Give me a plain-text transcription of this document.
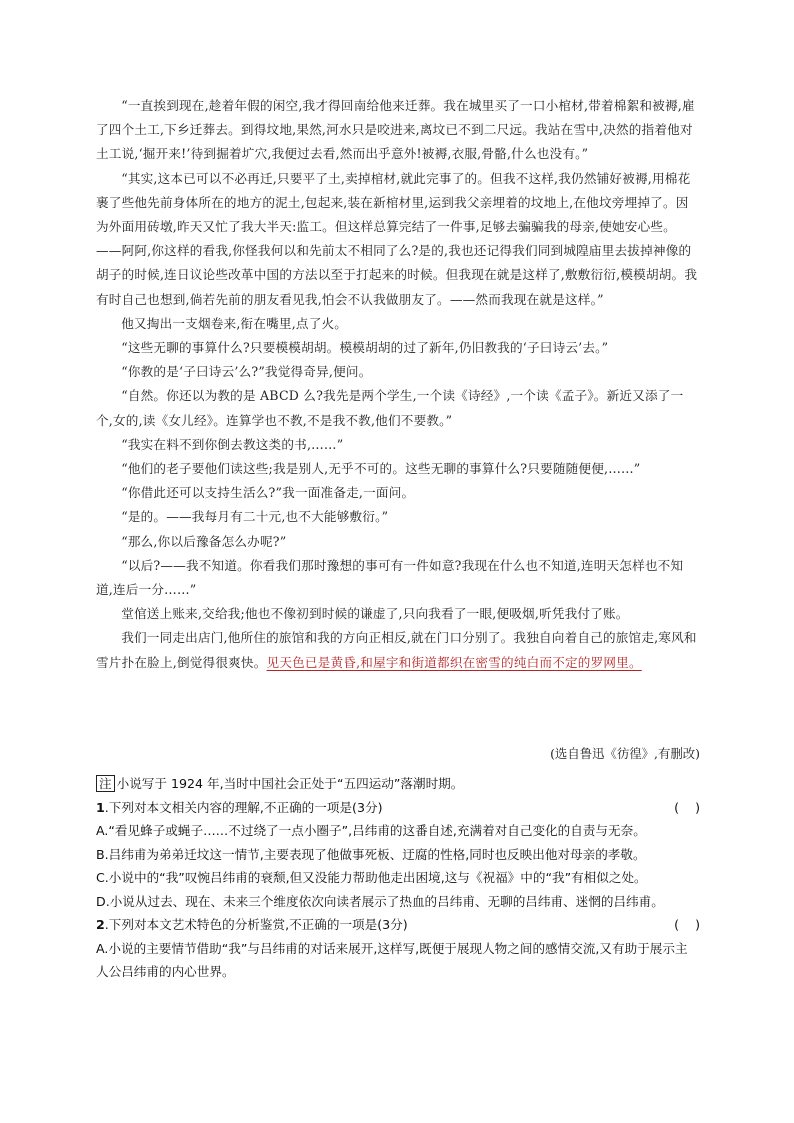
“一直挨到现在,趁着年假的闲空,我才得回南给他来迁葬。我在城里买了一口小棺材,带着棉絮和被褥,雇了四个土工,下乡迁葬去。到得坟地,果然,河水只是咬进来,离坟已不到二尺远。我站在雪中,决然的指着他对土工说,‘掘开来!’待到掘着圹穴,我便过去看,然而出乎意外!被褥,衣服,骨骼,什么也没有。”

“其实,这本已可以不必再迁,只要平了土,卖掉棺材,就此完事了的。但我不这样,我仍然铺好被褥,用棉花裹了些他先前身体所在的地方的泥土,包起来,装在新棺材里,运到我父亲埋着的坟地上,在他坟旁埋掉了。因为外面用砖墩,昨天又忙了我大半天:监工。但这样总算完结了一件事,足够去骗骗我的母亲,使她安心些。——阿阿,你这样的看我,你怪我何以和先前太不相同了么?是的,我也还记得我们同到城隍庙里去拔掉神像的胡子的时候,连日议论些改革中国的方法以至于打起来的时候。但我现在就是这样了,敷敷衍衍,模模胡胡。我有时自己也想到,倘若先前的朋友看见我,怕会不认我做朋友了。——然而我现在就是这样。”

他又掏出一支烟卷来,衔在嘴里,点了火。

“这些无聊的事算什么?只要模模胡胡。模模胡胡的过了新年,仍旧教我的‘子曰诗云’去。”

“你教的是‘子曰诗云’么?”我觉得奇异,便问。

“自然。你还以为教的是 ABCD 么?我先是两个学生,一个读《诗经》,一个读《孟子》。新近又添了一个,女的,读《女儿经》。连算学也不教,不是我不教,他们不要教。”

“我实在料不到你倒去教这类的书,……”

“他们的老子要他们读这些;我是别人,无乎不可的。这些无聊的事算什么?只要随随便便,……”

“你借此还可以支持生活么?”我一面准备走,一面问。

“是的。——我每月有二十元,也不大能够敷衍。”

“那么,你以后豫备怎么办呢?”

“以后?——我不知道。你看我们那时豫想的事可有一件如意?我现在什么也不知道,连明天怎样也不知道,连后一分……”

堂倌送上账来,交给我;他也不像初到时候的谦虚了,只向我看了一眼,便吸烟,听凭我付了账。

我们一同走出店门,他所住的旅馆和我的方向正相反,就在门口分别了。我独自向着自己的旅馆走,寒风和雪片扑在脸上,倒觉得很爽快。见天色已是黄昏,和屋宇和街道都织在密雪的纯白而不定的罗网里。

(选自鲁迅《彷徨》,有删改)

注 小说写于 1924 年,当时中国社会正处于“五四运动”落潮时期。

1.下列对本文相关内容的理解,不正确的一项是(3分)	(    )

A.“看见蜂子或蝇子……不过绕了一点小圈子”,吕纬甫的这番自述,充满着对自己变化的自责与无奈。

B.吕纬甫为弟弟迁坟这一情节,主要表现了他做事死板、迂腐的性格,同时也反映出他对母亲的孝敬。

C.小说中的“我”叹惋吕纬甫的衰颓,但又没能力帮助他走出困境,这与《祝福》中的“我”有相似之处。

D.小说从过去、现在、未来三个维度依次向读者展示了热血的吕纬甫、无聊的吕纬甫、迷惘的吕纬甫。

2.下列对本文艺术特色的分析鉴赏,不正确的一项是(3分)	(    )

A.小说的主要情节借助“我”与吕纬甫的对话来展开,这样写,既便于展现人物之间的感情交流,又有助于展示主人公吕纬甫的内心世界。
